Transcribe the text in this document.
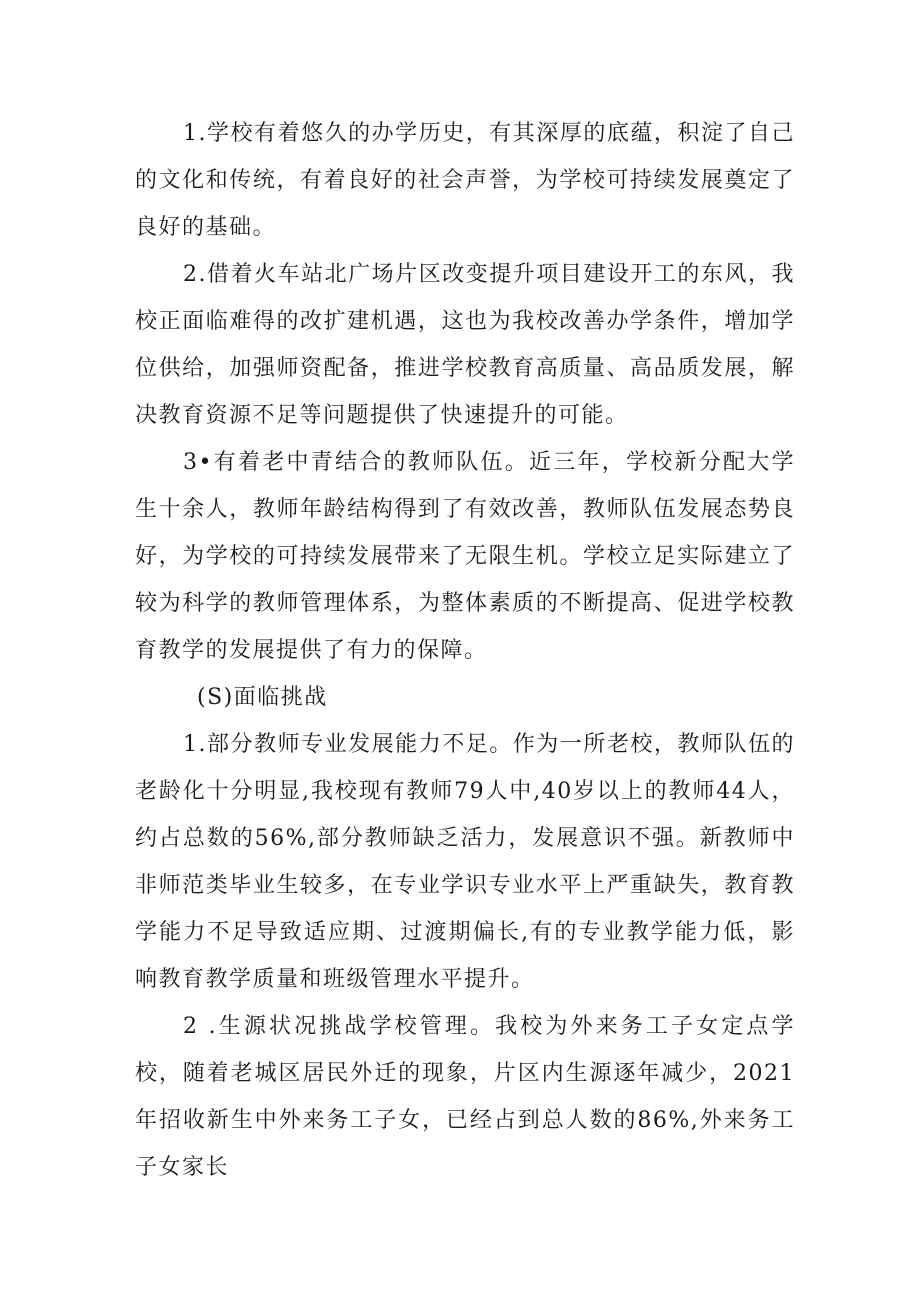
1.学校有着悠久的办学历史，有其深厚的底蕴，积淀了自己的文化和传统，有着良好的社会声誉，为学校可持续发展奠定了良好的基础。

2.借着火车站北广场片区改变提升项目建设开工的东风，我校正面临难得的改扩建机遇，这也为我校改善办学条件，增加学位供给，加强师资配备，推进学校教育高质量、高品质发展，解决教育资源不足等问题提供了快速提升的可能。

3•有着老中青结合的教师队伍。近三年，学校新分配大学生十余人，教师年龄结构得到了有效改善，教师队伍发展态势良好，为学校的可持续发展带来了无限生机。学校立足实际建立了较为科学的教师管理体系，为整体素质的不断提高、促进学校教育教学的发展提供了有力的保障。

(S)面临挑战

1.部分教师专业发展能力不足。作为一所老校，教师队伍的老龄化十分明显,我校现有教师79人中,40岁以上的教师44人，约占总数的56%,部分教师缺乏活力，发展意识不强。新教师中非师范类毕业生较多，在专业学识专业水平上严重缺失，教育教学能力不足导致适应期、过渡期偏长,有的专业教学能力低，影响教育教学质量和班级管理水平提升。

2 .生源状况挑战学校管理。我校为外来务工子女定点学校，随着老城区居民外迁的现象，片区内生源逐年减少，2021年招收新生中外来务工子女，已经占到总人数的86%,外来务工子女家长
